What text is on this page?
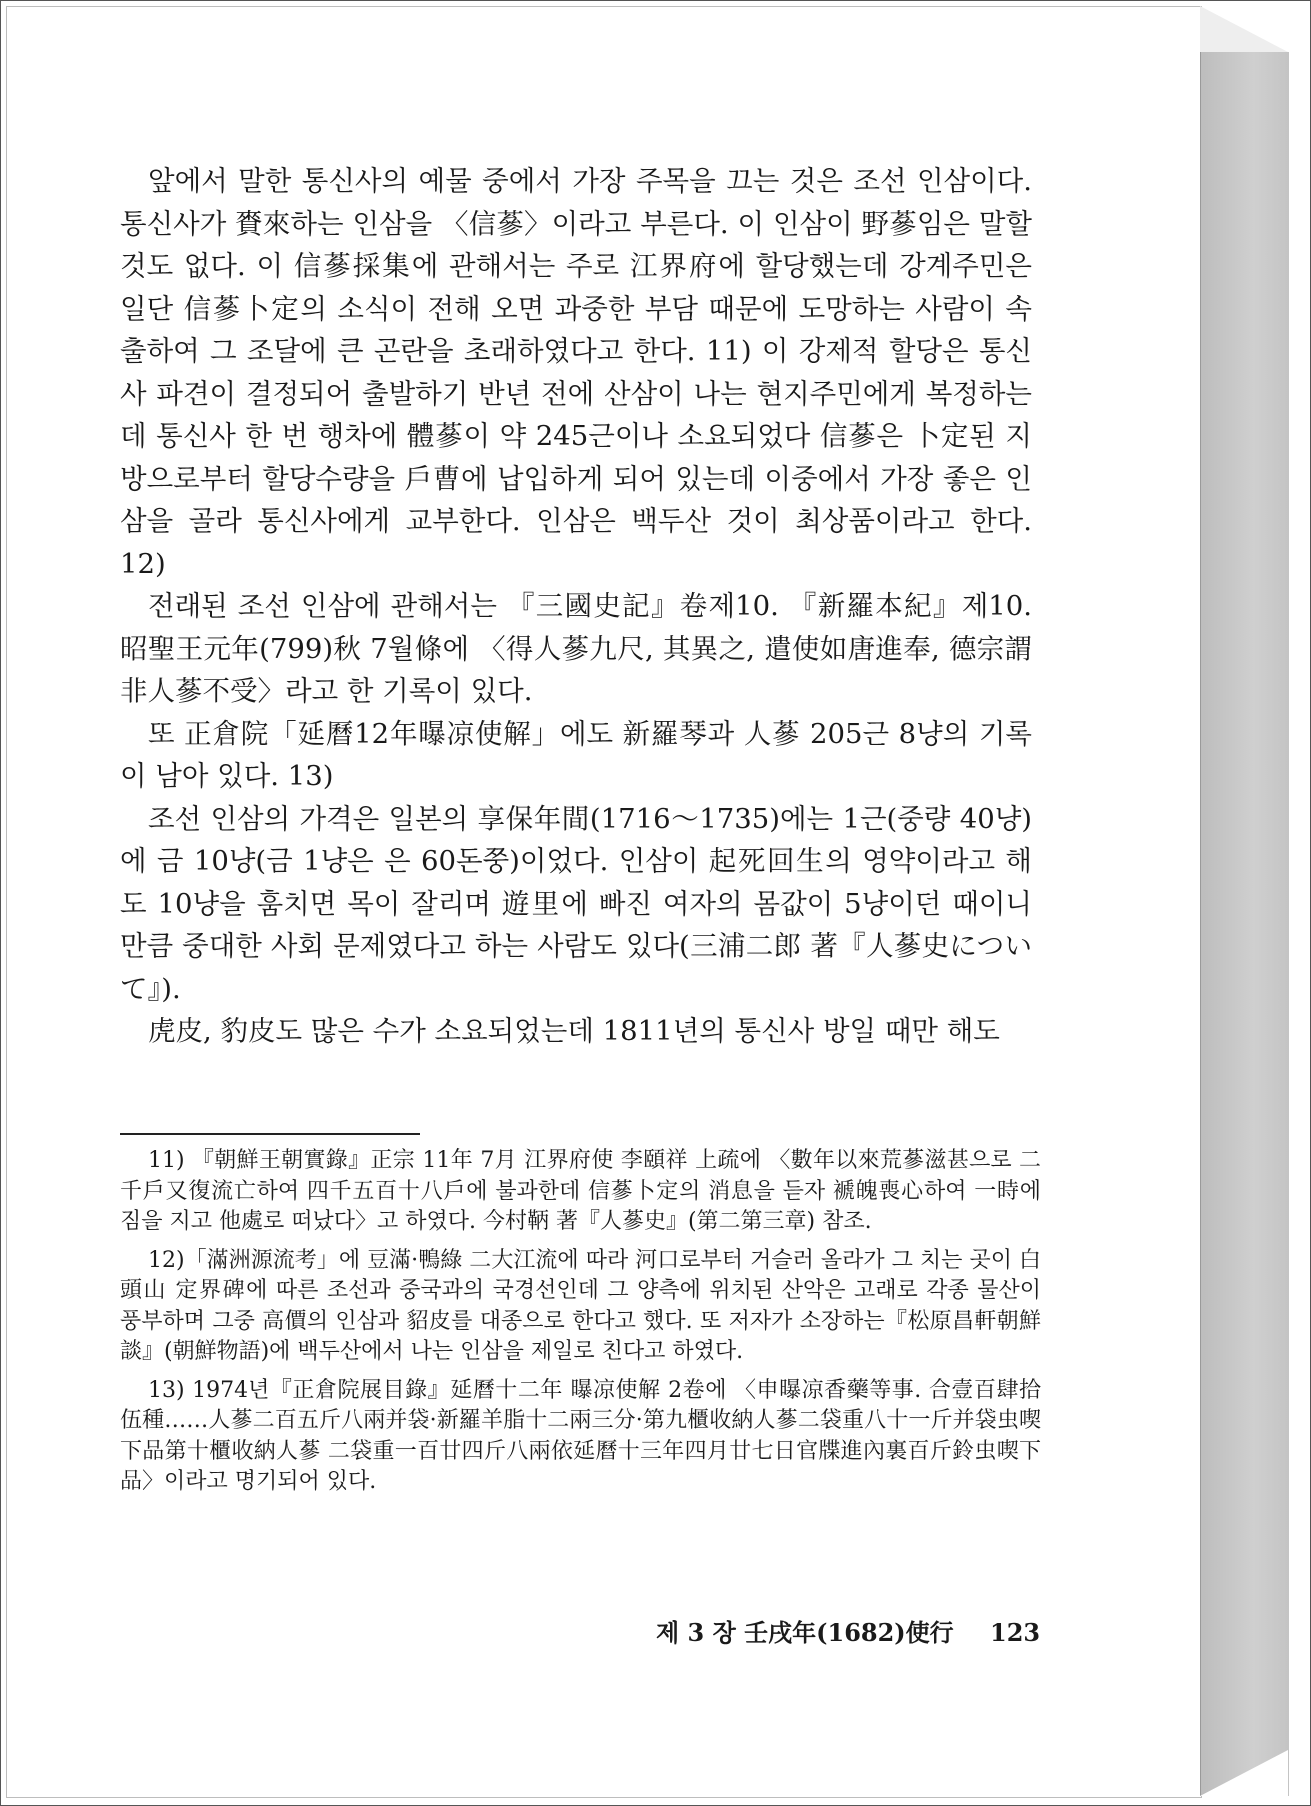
앞에서 말한 통신사의 예물 중에서 가장 주목을 끄는 것은 조선 인삼이다. 통신사가 賚來하는 인삼을 〈信蔘〉이라고 부른다. 이 인삼이 野蔘임은 말할 것도 없다. 이 信蔘採集에 관해서는 주로 江界府에 할당했는데 강계주민은 일단 信蔘卜定의 소식이 전해 오면 과중한 부담 때문에 도망하는 사람이 속출하여 그 조달에 큰 곤란을 초래하였다고 한다. 11) 이 강제적 할당은 통신사 파견이 결정되어 출발하기 반년 전에 산삼이 나는 현지주민에게 복정하는데 통신사 한 번 행차에 體蔘이 약 245근이나 소요되었다 信蔘은 卜定된 지방으로부터 할당수량을 戶曹에 납입하게 되어 있는데 이중에서 가장 좋은 인삼을 골라 통신사에게 교부한다. 인삼은 백두산 것이 최상품이라고 한다. 12)

전래된 조선 인삼에 관해서는 『三國史記』卷제10. 『新羅本紀』제10. 昭聖王元年(799)秋 7월條에 〈得人蔘九尺, 其異之, 遣使如唐進奉, 德宗謂非人蔘不受〉라고 한 기록이 있다.

또 正倉院「延曆12年曝凉使解」에도 新羅琴과 人蔘 205근 8냥의 기록이 남아 있다. 13)

조선 인삼의 가격은 일본의 享保年間(1716～1735)에는 1근(중량 40냥)에 금 10냥(금 1냥은 은 60돈쭝)이었다. 인삼이 起死回生의 영약이라고 해도 10냥을 훔치면 목이 잘리며 遊里에 빠진 여자의 몸값이 5냥이던 때이니만큼 중대한 사회 문제였다고 하는 사람도 있다(三浦二郎 著『人蔘史について』).

虎皮, 豹皮도 많은 수가 소요되었는데 1811년의 통신사 방일 때만 해도

11) 『朝鮮王朝實錄』正宗 11年 7月 江界府使 李頤祥 上疏에 〈數年以來荒蔘滋甚으로 二千戶又復流亡하여 四千五百十八戶에 불과한데 信蔘卜定의 消息을 듣자 褫魄喪心하여 一時에 짐을 지고 他處로 떠났다〉고 하였다. 今村鞆 著『人蔘史』(第二第三章) 참조.

12)「滿洲源流考」에 豆滿·鴨綠 二大江流에 따라 河口로부터 거슬러 올라가 그 치는 곳이 白頭山 定界碑에 따른 조선과 중국과의 국경선인데 그 양측에 위치된 산악은 고래로 각종 물산이 풍부하며 그중 高價의 인삼과 貂皮를 대종으로 한다고 했다. 또 저자가 소장하는『松原昌軒朝鮮談』(朝鮮物語)에 백두산에서 나는 인삼을 제일로 친다고 하였다.

13) 1974년『正倉院展目錄』延曆十二年 曝凉使解 2卷에 〈申曝凉香藥等事. 合壹百肆拾伍種……人蔘二百五斤八兩并袋·新羅羊脂十二兩三分·第九櫃收納人蔘二袋重八十一斤并袋虫喫下品第十櫃收納人蔘 二袋重一百廿四斤八兩依延曆十三年四月廿七日官牒進內裏百斤鈴虫喫下品〉이라고 명기되어 있다.

제 3 장 壬戌年(1682)使行 123
